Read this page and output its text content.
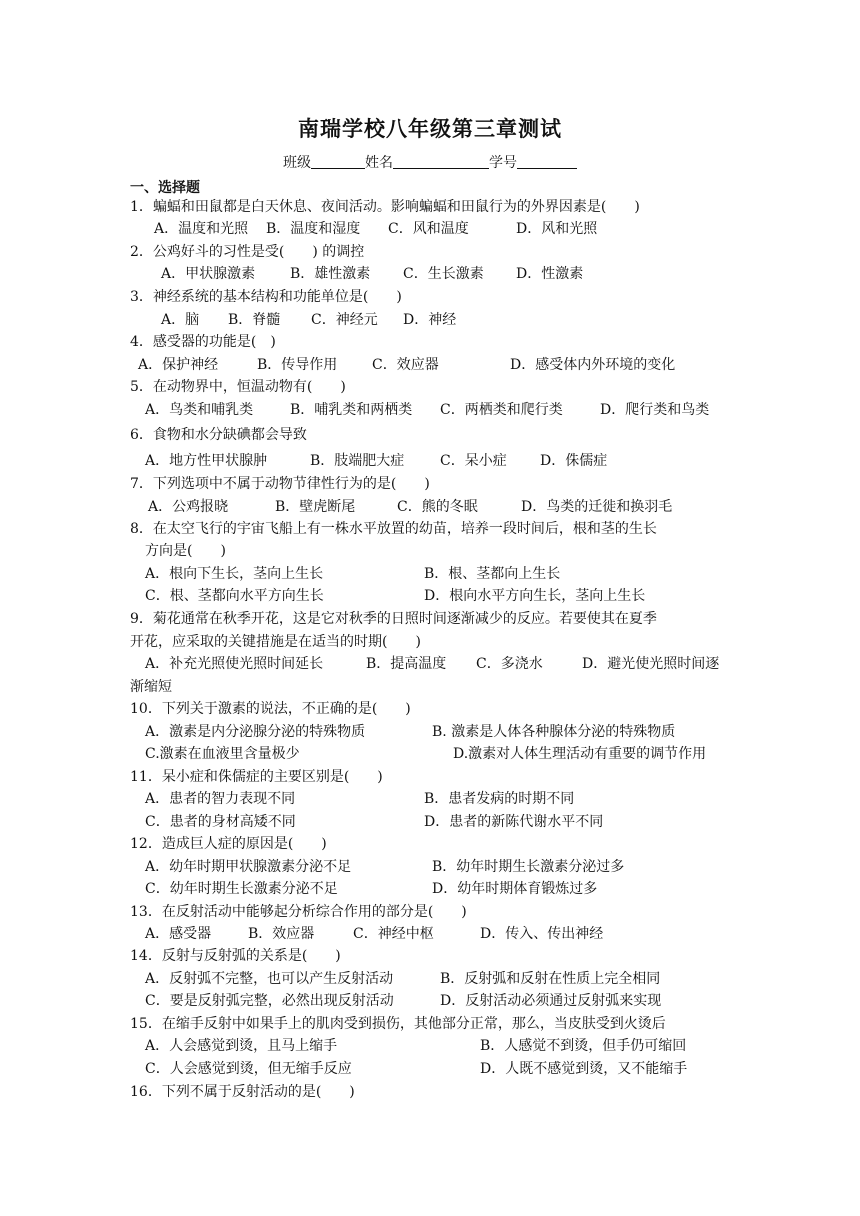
南瑞学校八年级第三章测试
班级	姓名	学号
一、选择题
1．蝙蝠和田鼠都是白天休息、夜间活动。影响蝙蝠和田鼠行为的外界因素是(　　)
A．温度和光照 B．温度和湿度 C．风和温度	D．风和光照
2．公鸡好斗的习性是受(　　) 的调控
A．甲状腺激素 B．雄性激素 C．生长激素 D．性激素
3．神经系统的基本结构和功能单位是(　　)
A．脑 B．脊髓 C．神经元 D．神经
4．感受器的功能是(　)
A．保护神经	B．传导作用 C．效应器	D．感受体内外环境的变化
5．在动物界中，恒温动物有(　　)
A．鸟类和哺乳类	B．哺乳类和两栖类 C．两栖类和爬行类	D．爬行类和鸟类
6．食物和水分缺碘都会导致
A．地方性甲状腺肿	B．肢端肥大症	C．呆小症 D．侏儒症
7．下列选项中不属于动物节律性行为的是(　　)
A．公鸡报晓	B．壁虎断尾	C．熊的冬眠	D．鸟类的迁徙和换羽毛
8．在太空飞行的宇宙飞船上有一株水平放置的幼苗，培养一段时间后，根和茎的生长
方向是(　　)
A．根向下生长，茎向上生长	B．根、茎都向上生长
C．根、茎都向水平方向生长	D．根向水平方向生长，茎向上生长
9．菊花通常在秋季开花，这是它对秋季的日照时间逐渐减少的反应。若要使其在夏季
开花，应采取的关键措施是在适当的时期(　　)
A．补充光照使光照时间延长	B．提高温度 C．多浇水	D．避光使光照时间逐
渐缩短
10．下列关于激素的说法，不正确的是(　　)
A．激素是内分泌腺分泌的特殊物质	B. 激素是人体各种腺体分泌的特殊物质
C.激素在血液里含量极少	D.激素对人体生理活动有重要的调节作用
11．呆小症和侏儒症的主要区别是(　　)
A．患者的智力表现不同	B．患者发病的时期不同
C．患者的身材高矮不同	D．患者的新陈代谢水平不同
12．造成巨人症的原因是(　　)
A．幼年时期甲状腺激素分泌不足	B．幼年时期生长激素分泌过多
C．幼年时期生长激素分泌不足	D．幼年时期体育锻炼过多
13．在反射活动中能够起分析综合作用的部分是(　　)
A．感受器	B．效应器	C．神经中枢	D．传入、传出神经
14．反射与反射弧的关系是(　　)
A．反射弧不完整，也可以产生反射活动	B．反射弧和反射在性质上完全相同
C．要是反射弧完整，必然出现反射活动	D．反射活动必须通过反射弧来实现
15．在缩手反射中如果手上的肌肉受到损伤，其他部分正常，那么，当皮肤受到火烫后
A．人会感觉到烫，且马上缩手	B．人感觉不到烫，但手仍可缩回
C．人会感觉到烫，但无缩手反应	D．人既不感觉到烫，又不能缩手
16．下列不属于反射活动的是(　　)
